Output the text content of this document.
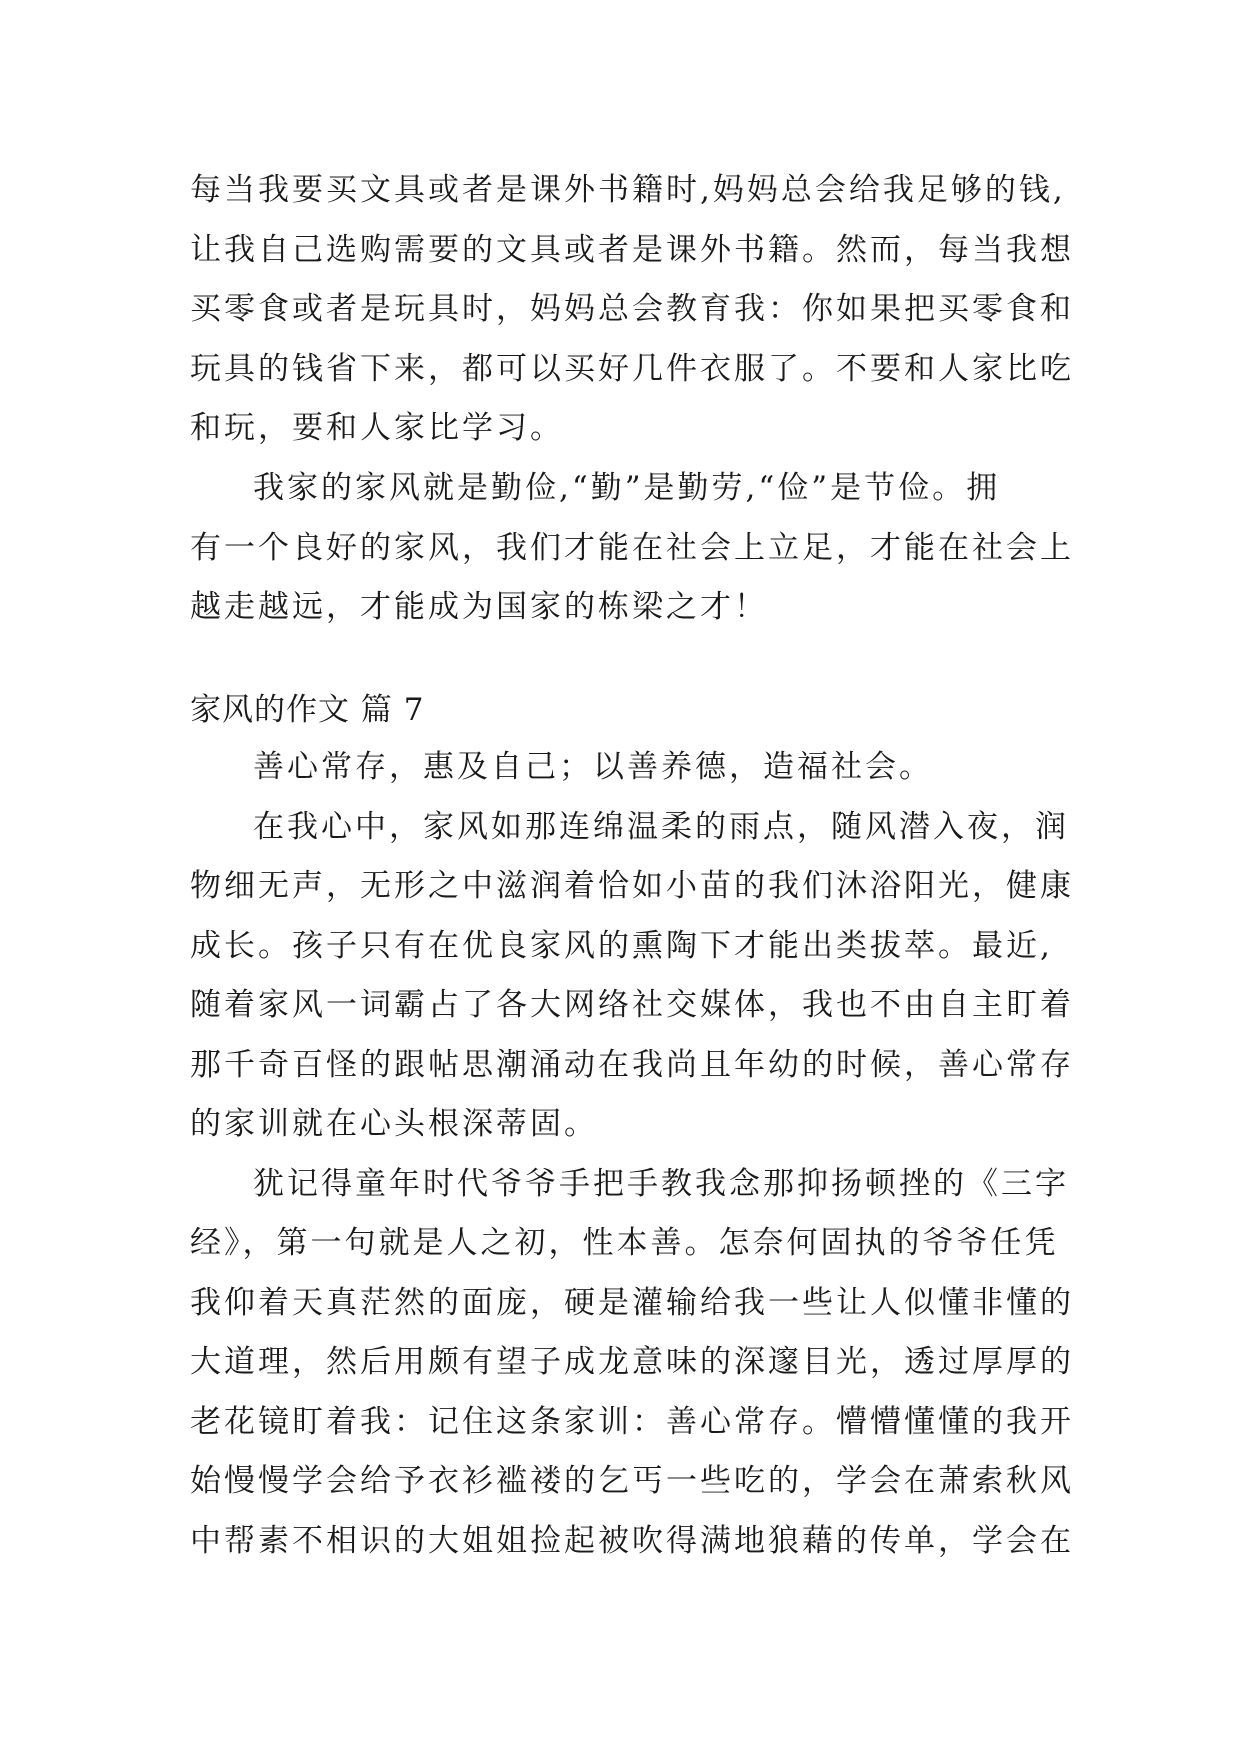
每当我要买文具或者是课外书籍时,妈妈总会给我足够的钱,
让我自己选购需要的文具或者是课外书籍。然而，每当我想
买零食或者是玩具时，妈妈总会教育我：你如果把买零食和
玩具的钱省下来，都可以买好几件衣服了。不要和人家比吃
和玩，要和人家比学习。
我家的家风就是勤俭,“勤”是勤劳,“俭”是节俭。拥
有一个良好的家风，我们才能在社会上立足，才能在社会上
越走越远，才能成为国家的栋梁之才！
家风的作文 篇 7
善心常存，惠及自己；以善养德，造福社会。
在我心中，家风如那连绵温柔的雨点，随风潜入夜，润
物细无声，无形之中滋润着恰如小苗的我们沐浴阳光，健康
成长。孩子只有在优良家风的熏陶下才能出类拔萃。最近,
随着家风一词霸占了各大网络社交媒体，我也不由自主盯着
那千奇百怪的跟帖思潮涌动在我尚且年幼的时候，善心常存
的家训就在心头根深蒂固。
犹记得童年时代爷爷手把手教我念那抑扬顿挫的《三字
经》，第一句就是人之初，性本善。怎奈何固执的爷爷任凭
我仰着天真茫然的面庞，硬是灌输给我一些让人似懂非懂的
大道理，然后用颇有望子成龙意味的深邃目光，透过厚厚的
老花镜盯着我：记住这条家训：善心常存。懵懵懂懂的我开
始慢慢学会给予衣衫褴褛的乞丐一些吃的，学会在萧索秋风
中帮素不相识的大姐姐捡起被吹得满地狼藉的传单，学会在
